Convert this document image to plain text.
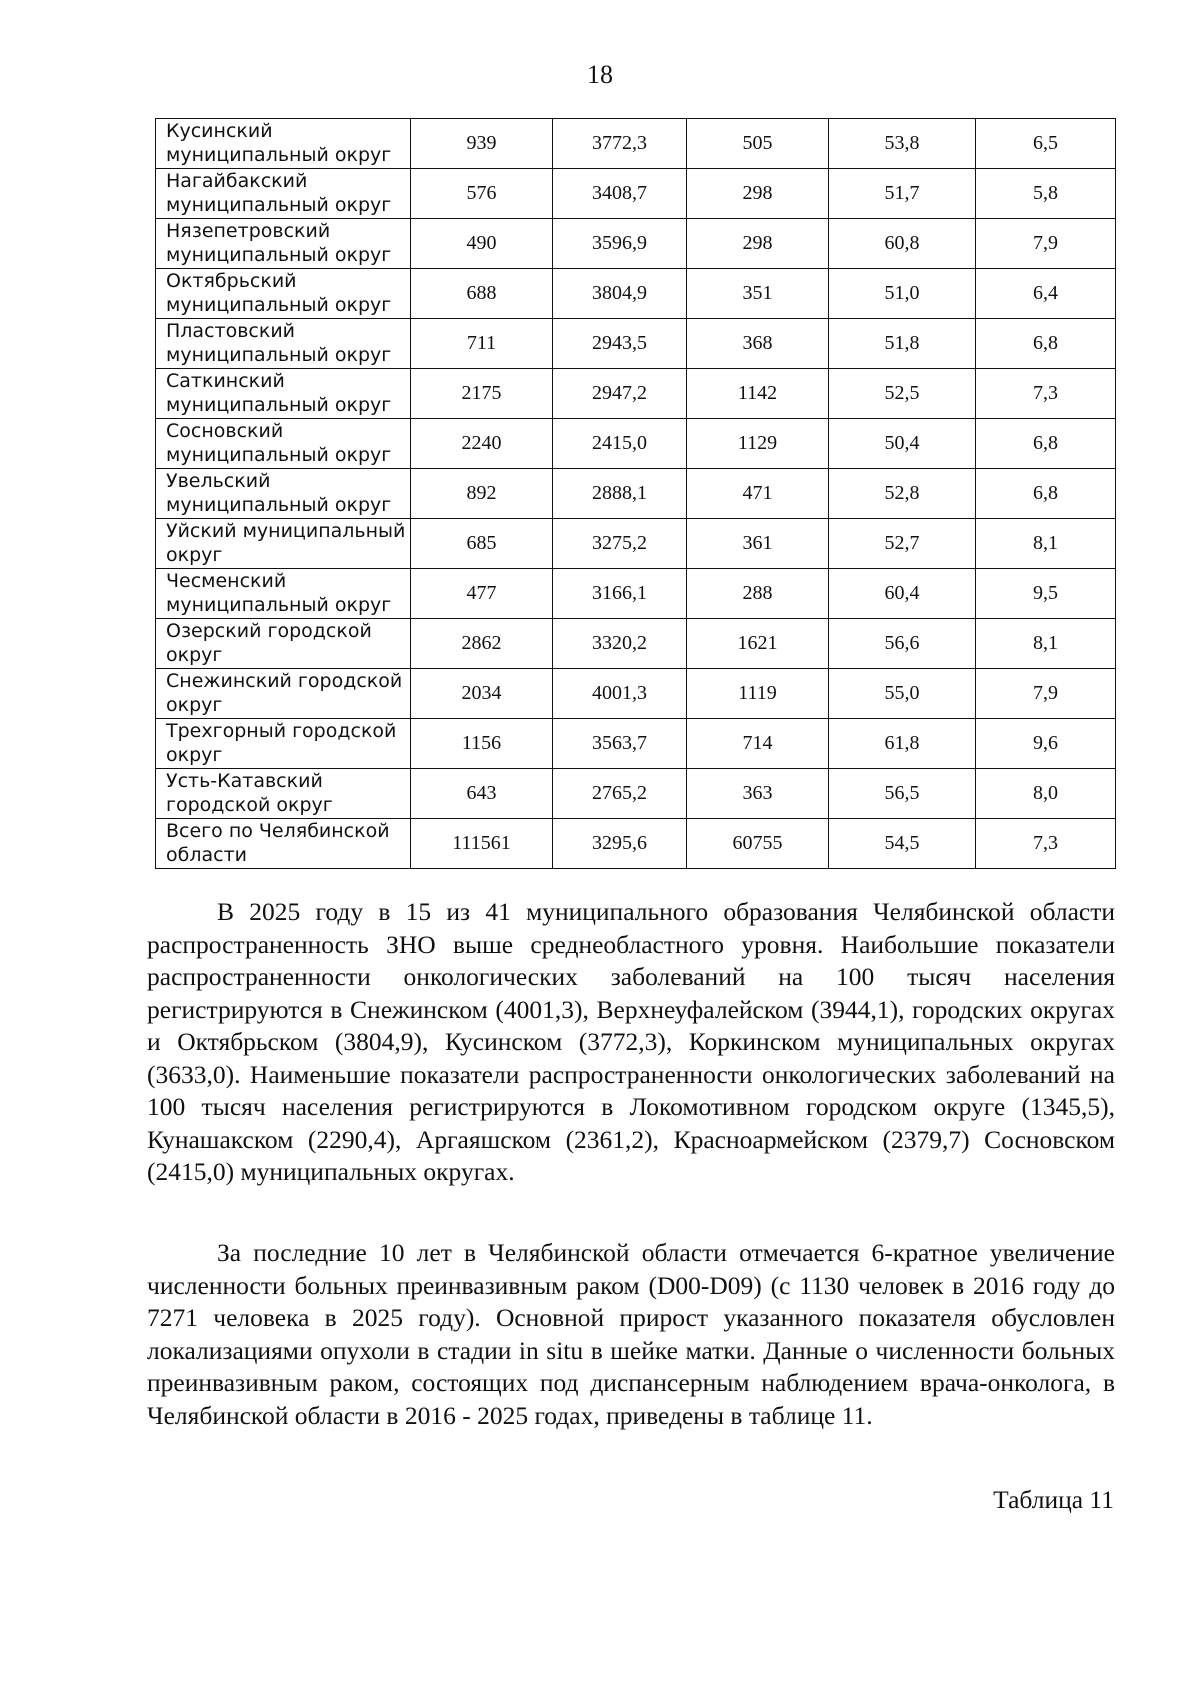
18
Кусинский муниципальный округ	939	3772,3	505	53,8	6,5
Нагайбакский муниципальный округ	576	3408,7	298	51,7	5,8
Нязепетровский муниципальный округ	490	3596,9	298	60,8	7,9
Октябрьский муниципальный округ	688	3804,9	351	51,0	6,4
Пластовский муниципальный округ	711	2943,5	368	51,8	6,8
Саткинский муниципальный округ	2175	2947,2	1142	52,5	7,3
Сосновский муниципальный округ	2240	2415,0	1129	50,4	6,8
Увельский муниципальный округ	892	2888,1	471	52,8	6,8
Уйский муниципальный округ	685	3275,2	361	52,7	8,1
Чесменский муниципальный округ	477	3166,1	288	60,4	9,5
Озерский городской округ	2862	3320,2	1621	56,6	8,1
Снежинский городской округ	2034	4001,3	1119	55,0	7,9
Трехгорный городской округ	1156	3563,7	714	61,8	9,6
Усть-Катавский городской округ	643	2765,2	363	56,5	8,0
Всего по Челябинской области	111561	3295,6	60755	54,5	7,3

В 2025 году в 15 из 41 муниципального образования Челябинской области распространенность ЗНО выше среднеобластного уровня. Наибольшие показатели распространенности онкологических заболеваний на 100 тысяч населения регистрируются в Снежинском (4001,3), Верхнеуфалейском (3944,1), городских округах и Октябрьском (3804,9), Кусинском (3772,3), Коркинском муниципальных округах (3633,0). Наименьшие показатели распространенности онкологических заболеваний на 100 тысяч населения регистрируются в Локомотивном городском округе (1345,5), Кунашакском (2290,4), Аргаяшском (2361,2), Красноармейском (2379,7) Сосновском (2415,0) муниципальных округах.

За последние 10 лет в Челябинской области отмечается 6-кратное увеличение численности больных преинвазивным раком (D00-D09) (с 1130 человек в 2016 году до 7271 человека в 2025 году). Основной прирост указанного показателя обусловлен локализациями опухоли в стадии in situ в шейке матки. Данные о численности больных преинвазивным раком, состоящих под диспансерным наблюдением врача-онколога, в Челябинской области в 2016 - 2025 годах, приведены в таблице 11.

Таблица 11
